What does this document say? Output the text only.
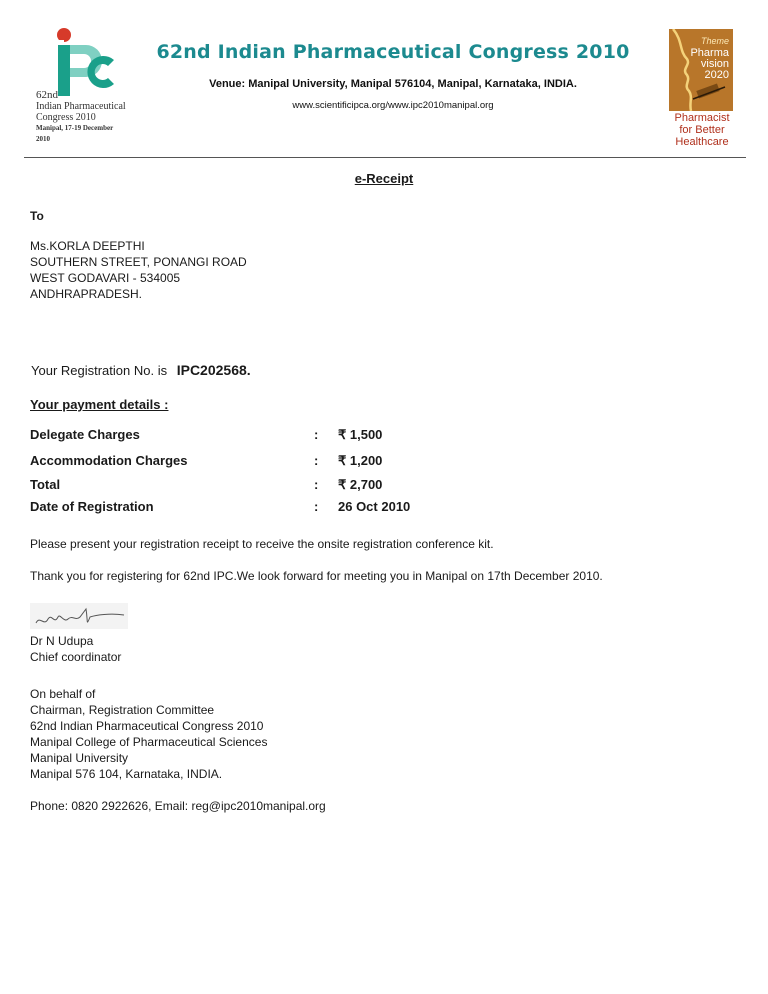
62nd
Indian Pharmaceutical
Congress 2010
Manipal, 17-19 December 2010
62nd Indian Pharmaceutical Congress 2010
Venue: Manipal University, Manipal 576104, Manipal, Karnataka, INDIA.
www.scientificipca.org/www.ipc2010manipal.org
Theme
Pharma
vision
2020
Pharmacist
for Better
Healthcare
e-Receipt
To
Ms.KORLA DEEPTHI
SOUTHERN STREET, PONANGI ROAD
WEST GODAVARI - 534005
ANDHRAPRADESH.
Your Registration No. is IPC202568.
Your payment details :
Delegate Charges	: ₹ 1,500
Accommodation Charges	: ₹ 1,200
Total	: ₹ 2,700
Date of Registration	: 26 Oct 2010
Please present your registration receipt to receive the onsite registration conference kit.
Thank you for registering for 62nd IPC.We look forward for meeting you in Manipal on 17th December 2010.
Dr N Udupa
Chief coordinator
On behalf of
Chairman, Registration Committee
62nd Indian Pharmaceutical Congress 2010
Manipal College of Pharmaceutical Sciences
Manipal University
Manipal 576 104, Karnataka, INDIA.
Phone: 0820 2922626, Email: reg@ipc2010manipal.org
